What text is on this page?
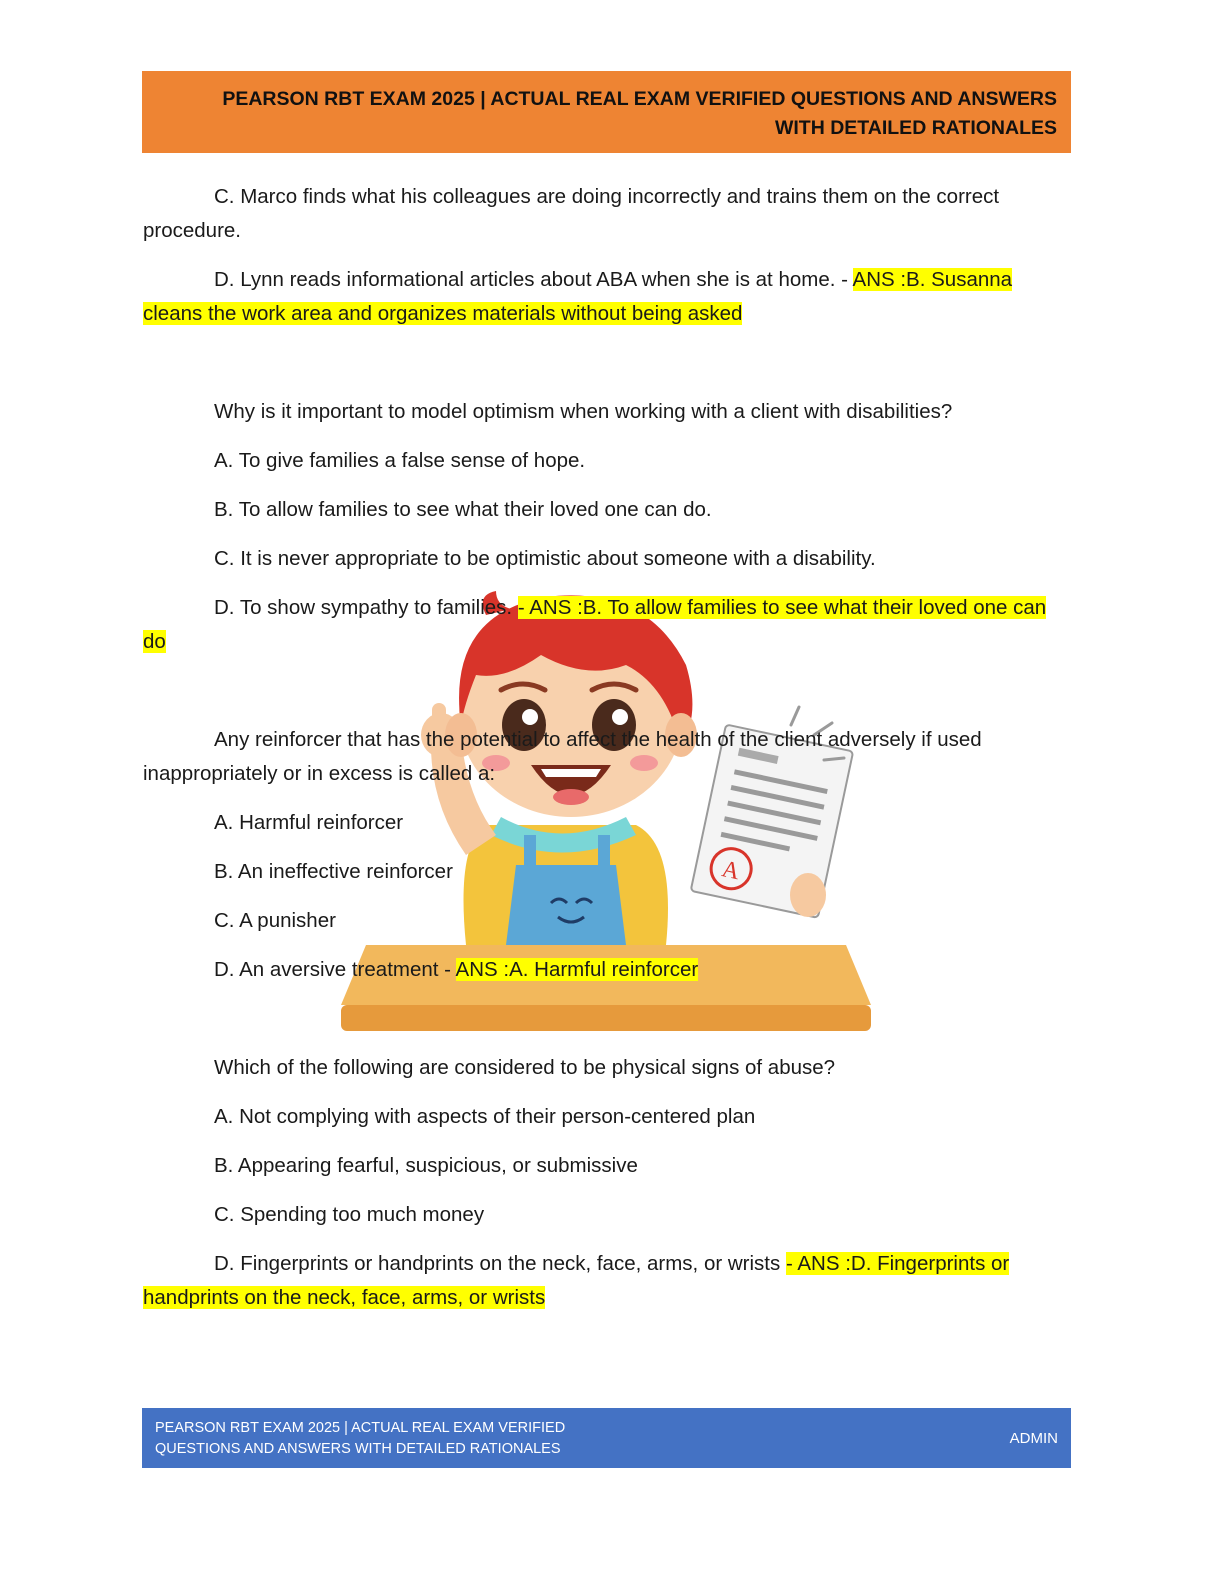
PEARSON RBT EXAM 2025 | ACTUAL REAL EXAM VERIFIED QUESTIONS AND ANSWERS
WITH DETAILED RATIONALES
A

C. Marco finds what his colleagues are doing incorrectly and trains them on the correct procedure.

D. Lynn reads informational articles about ABA when she is at home. - ANS :B. Susanna cleans the work area and organizes materials without being asked

Why is it important to model optimism when working with a client with disabilities?

A. To give families a false sense of hope.

B. To allow families to see what their loved one can do.

C. It is never appropriate to be optimistic about someone with a disability.

D. To show sympathy to families. - ANS :B. To allow families to see what their loved one can do

Any reinforcer that has the potential to affect the health of the client adversely if used inappropriately or in excess is called a:

A. Harmful reinforcer

B. An ineffective reinforcer

C. A punisher

D. An aversive treatment - ANS :A. Harmful reinforcer

Which of the following are considered to be physical signs of abuse?

A. Not complying with aspects of their person-centered plan

B. Appearing fearful, suspicious, or submissive

C. Spending too much money

D. Fingerprints or handprints on the neck, face, arms, or wrists - ANS :D. Fingerprints or handprints on the neck, face, arms, or wrists

PEARSON RBT EXAM 2025 | ACTUAL REAL EXAM VERIFIED
QUESTIONS AND ANSWERS WITH DETAILED RATIONALES
ADMIN
